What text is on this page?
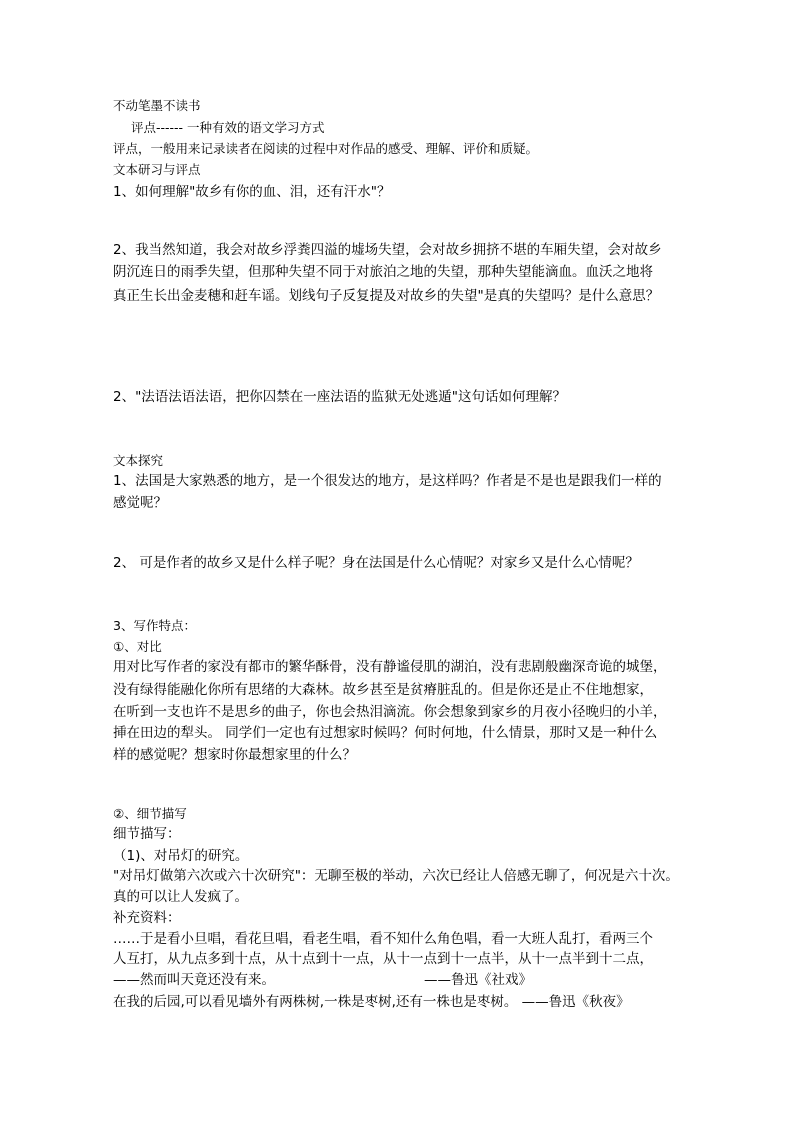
不动笔墨不读书
评点------ 一种有效的语文学习方式
评点，一般用来记录读者在阅读的过程中对作品的感受、理解、评价和质疑。
文本研习与评点
1、如何理解"故乡有你的血、泪，还有汗水"？
2、我当然知道，我会对故乡浮粪四溢的墟场失望，会对故乡拥挤不堪的车厢失望，会对故乡
阴沉连日的雨季失望，但那种失望不同于对旅泊之地的失望，那种失望能滴血。血沃之地将
真正生长出金麦穗和赶车谣。划线句子反复提及对故乡的失望"是真的失望吗？是什么意思？
2、"法语法语法语，把你囚禁在一座法语的监狱无处逃遁"这句话如何理解？
文本探究
1、法国是大家熟悉的地方，是一个很发达的地方，是这样吗？作者是不是也是跟我们一样的
感觉呢？
2、 可是作者的故乡又是什么样子呢？身在法国是什么心情呢？对家乡又是什么心情呢？
3、写作特点：
①、对比
用对比写作者的家没有都市的繁华酥骨，没有静谧侵肌的湖泊，没有悲剧般幽深奇诡的城堡，
没有绿得能融化你所有思绪的大森林。故乡甚至是贫瘠脏乱的。但是你还是止不住地想家，
在听到一支也许不是思乡的曲子，你也会热泪滴流。你会想象到家乡的月夜小径晚归的小羊，
挿在田边的犁头。 同学们一定也有过想家时候吗？何时何地，什么情景，那时又是一种什么
样的感觉呢？想家时你最想家里的什么？
②、细节描写
细节描写：
（1)、对吊灯的研究。
"对吊灯做第六次或六十次研究"：无聊至极的举动，六次已经让人倍感无聊了，何况是六十次。
真的可以让人发疯了。
补充资料：
……于是看小旦唱，看花旦唱，看老生唱，看不知什么角色唱，看一大班人乱打，看两三个
人互打，从九点多到十点，从十点到十一点，从十一点到十一点半，从十一点半到十二点，
——然而叫天竟还没有来。	——鲁迅《社戏》
在我的后园,可以看见墙外有两株树,一株是枣树,还有一株也是枣树。 ——鲁迅《秋夜》
